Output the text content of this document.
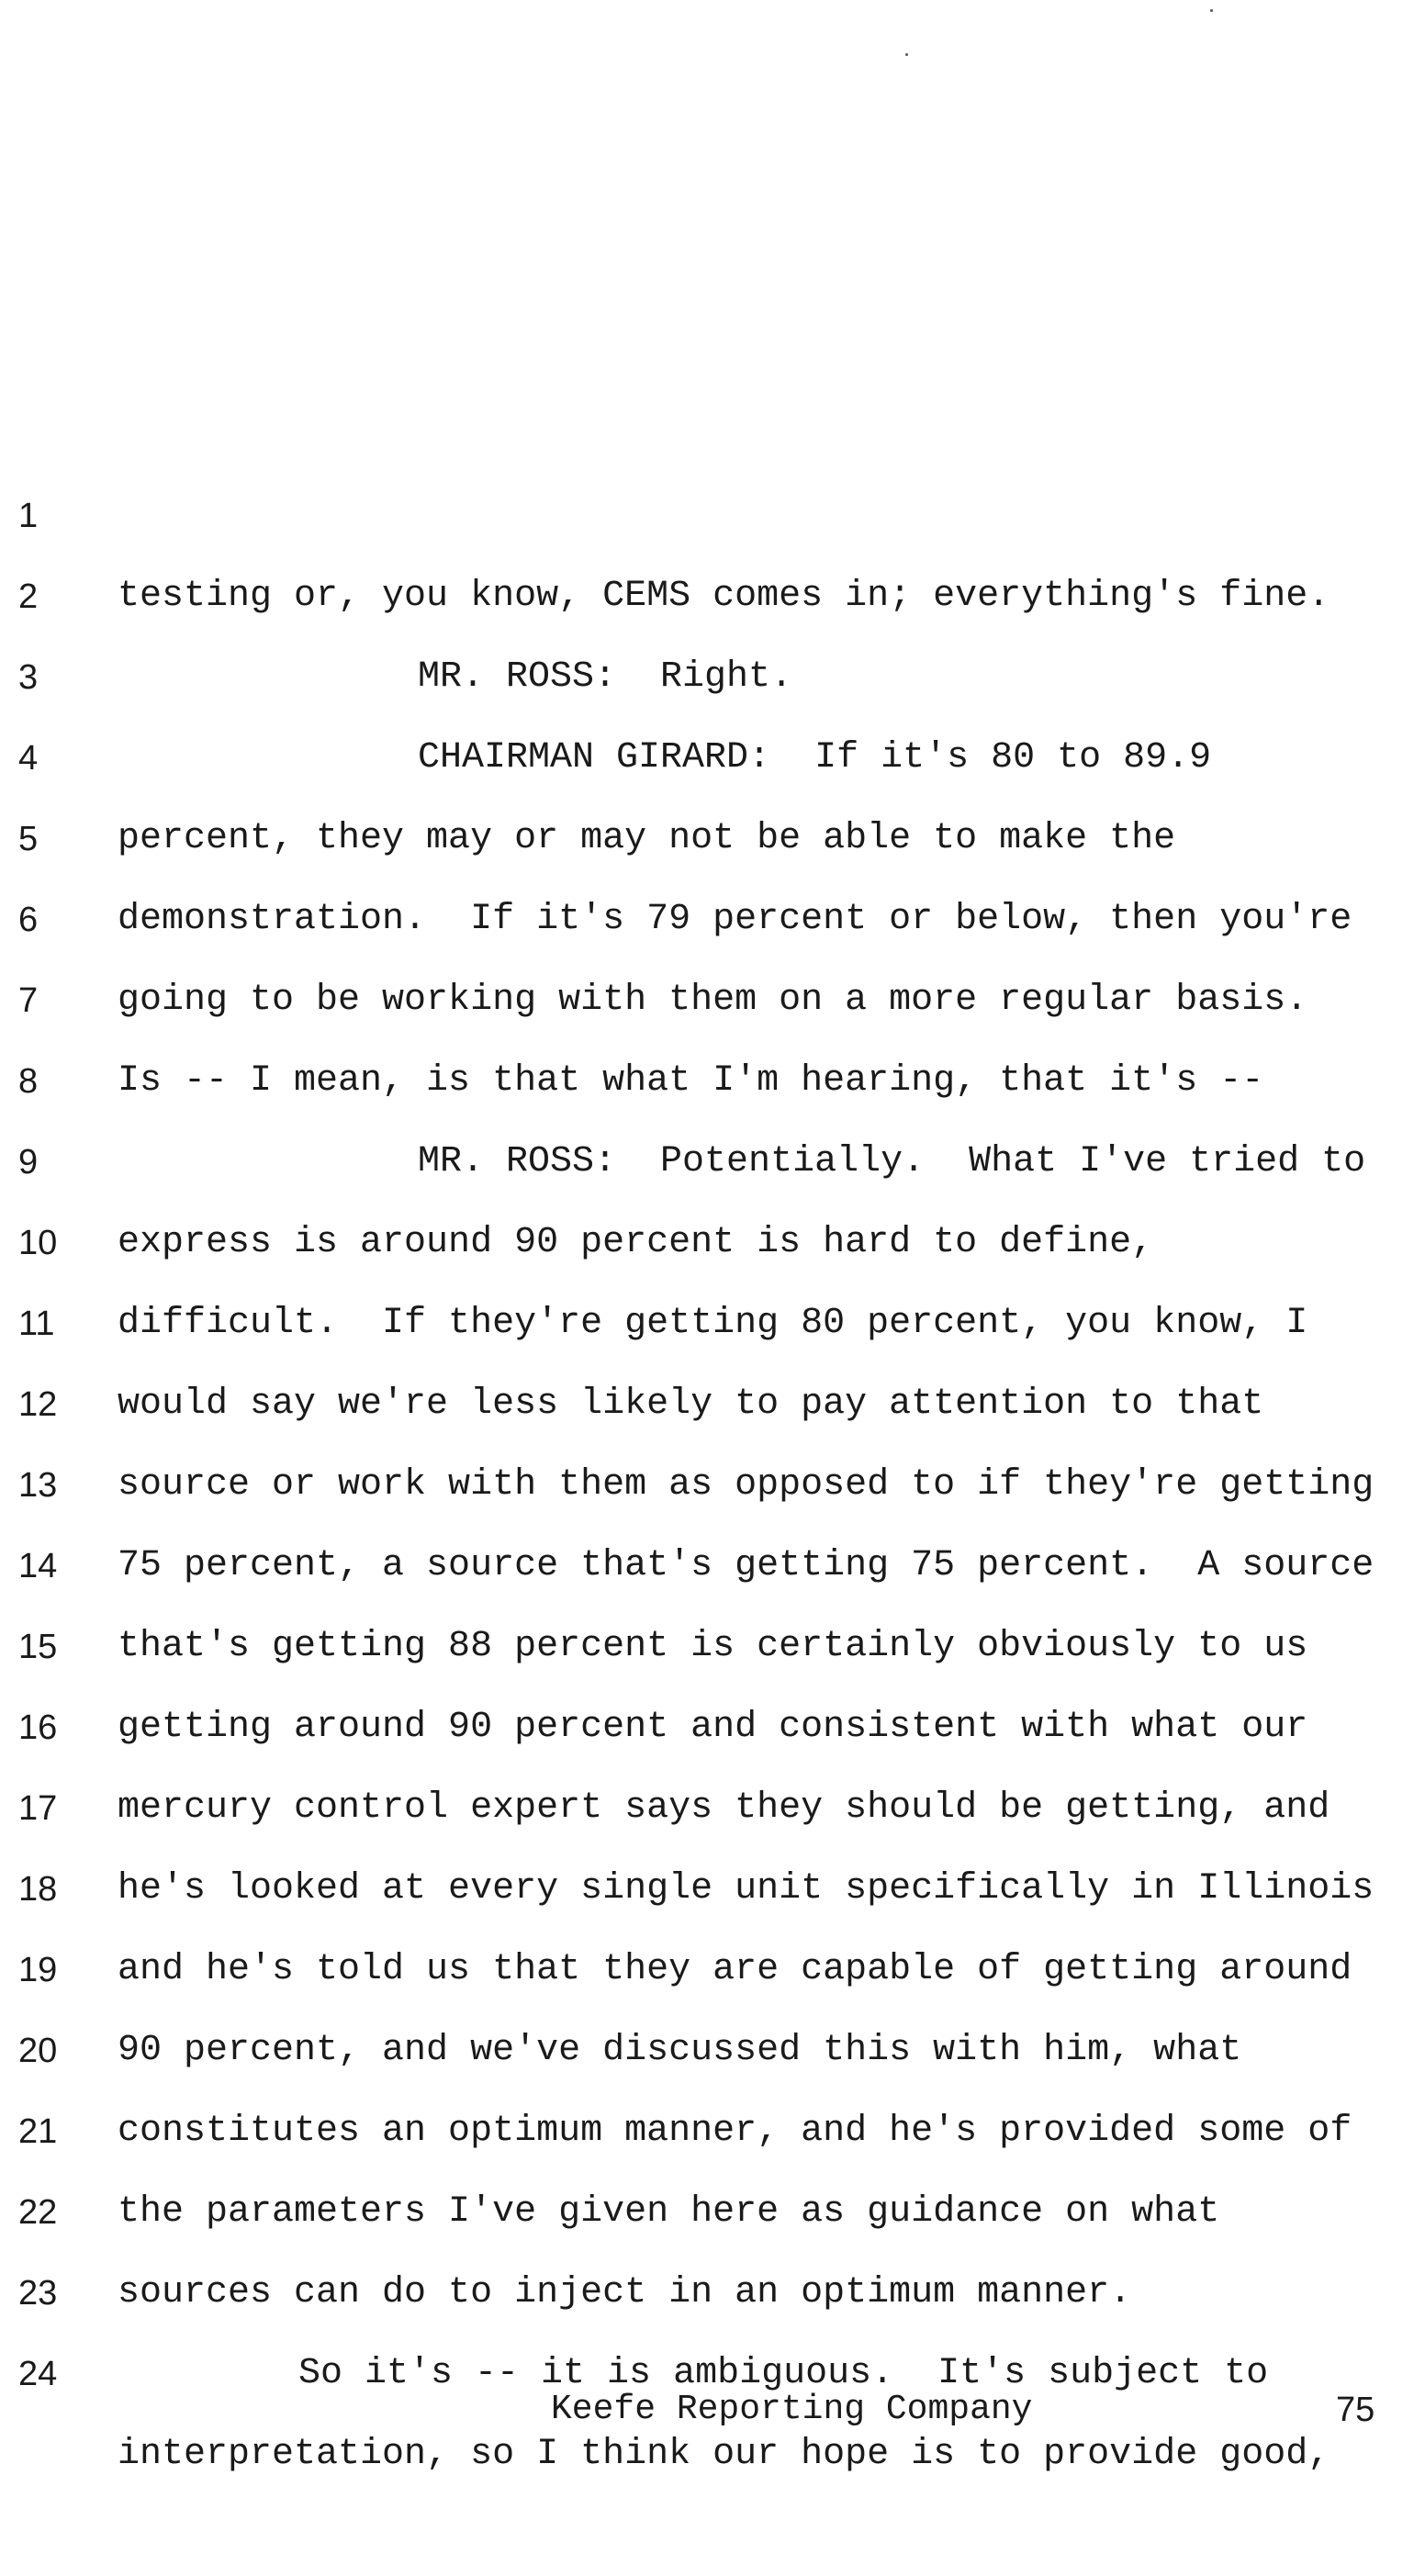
1

testing or, you know, CEMS comes in; everything's fine.

2

MR. ROSS:  Right.

3

CHAIRMAN GIRARD:  If it's 80 to 89.9

4

percent, they may or may not be able to make the

5

demonstration.  If it's 79 percent or below, then you're

6

going to be working with them on a more regular basis.

7

Is -- I mean, is that what I'm hearing, that it's --

8

MR. ROSS:  Potentially.  What I've tried to

9

express is around 90 percent is hard to define,

10

difficult.  If they're getting 80 percent, you know, I

11

would say we're less likely to pay attention to that

12

source or work with them as opposed to if they're getting

13

75 percent, a source that's getting 75 percent.  A source

14

that's getting 88 percent is certainly obviously to us

15

getting around 90 percent and consistent with what our

16

mercury control expert says they should be getting, and

17

he's looked at every single unit specifically in Illinois

18

and he's told us that they are capable of getting around

19

90 percent, and we've discussed this with him, what

20

constitutes an optimum manner, and he's provided some of

21

the parameters I've given here as guidance on what

22

sources can do to inject in an optimum manner.

23

So it's -- it is ambiguous.  It's subject to

24

interpretation, so I think our hope is to provide good,

Keefe Reporting Company	75
